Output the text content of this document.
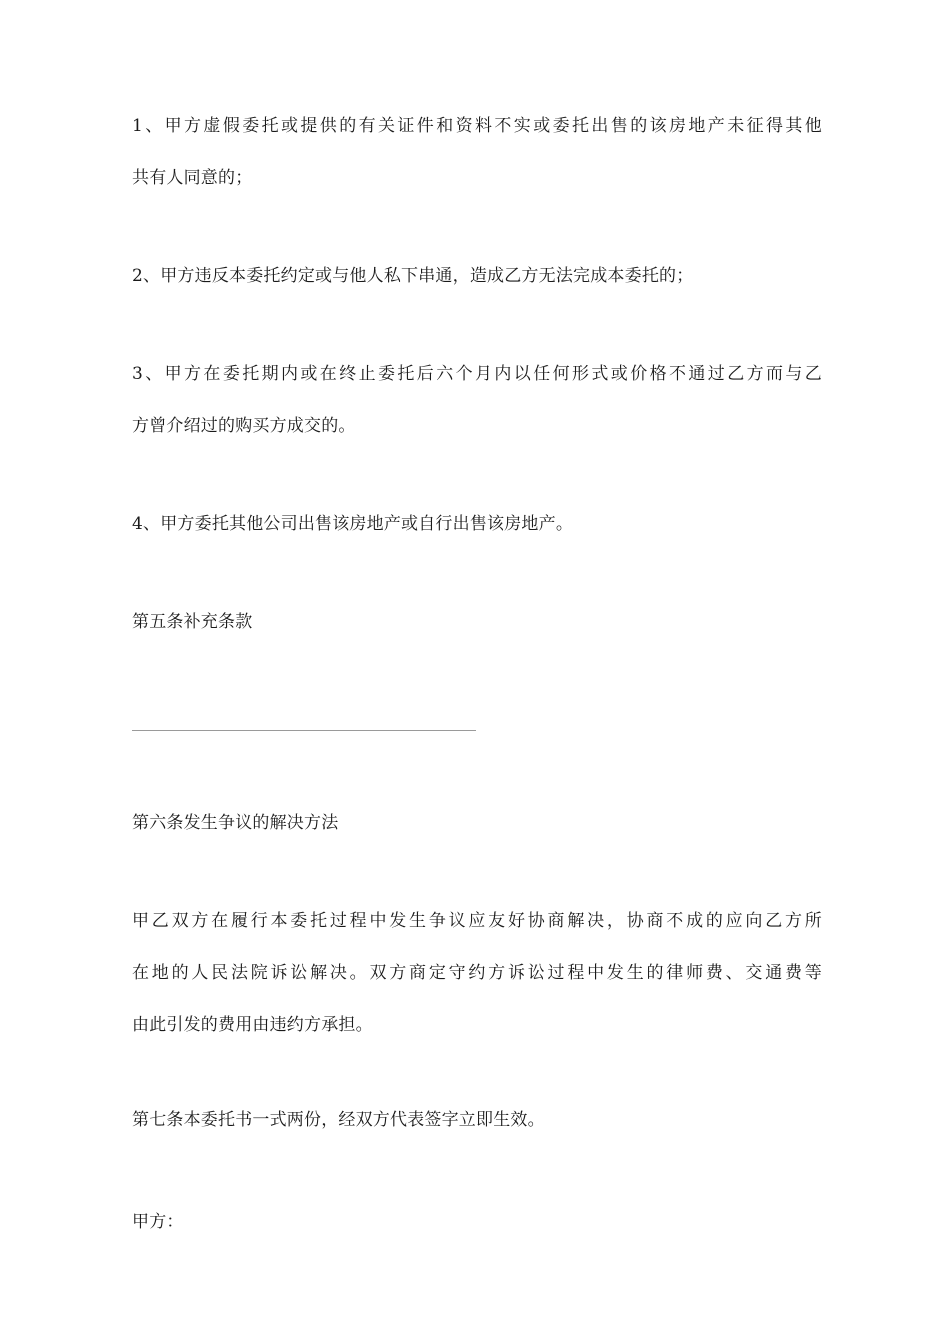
1、甲方虚假委托或提供的有关证件和资料不实或委托出售的该房地产未征得其他
共有人同意的；

2、甲方违反本委托约定或与他人私下串通，造成乙方无法完成本委托的；

3、甲方在委托期内或在终止委托后六个月内以任何形式或价格不通过乙方而与乙
方曾介绍过的购买方成交的。

4、甲方委托其他公司出售该房地产或自行出售该房地产。

第五条补充条款

第六条发生争议的解决方法

甲乙双方在履行本委托过程中发生争议应友好协商解决，协商不成的应向乙方所
在地的人民法院诉讼解决。双方商定守约方诉讼过程中发生的律师费、交通费等
由此引发的费用由违约方承担。

第七条本委托书一式两份，经双方代表签字立即生效。

甲方：
